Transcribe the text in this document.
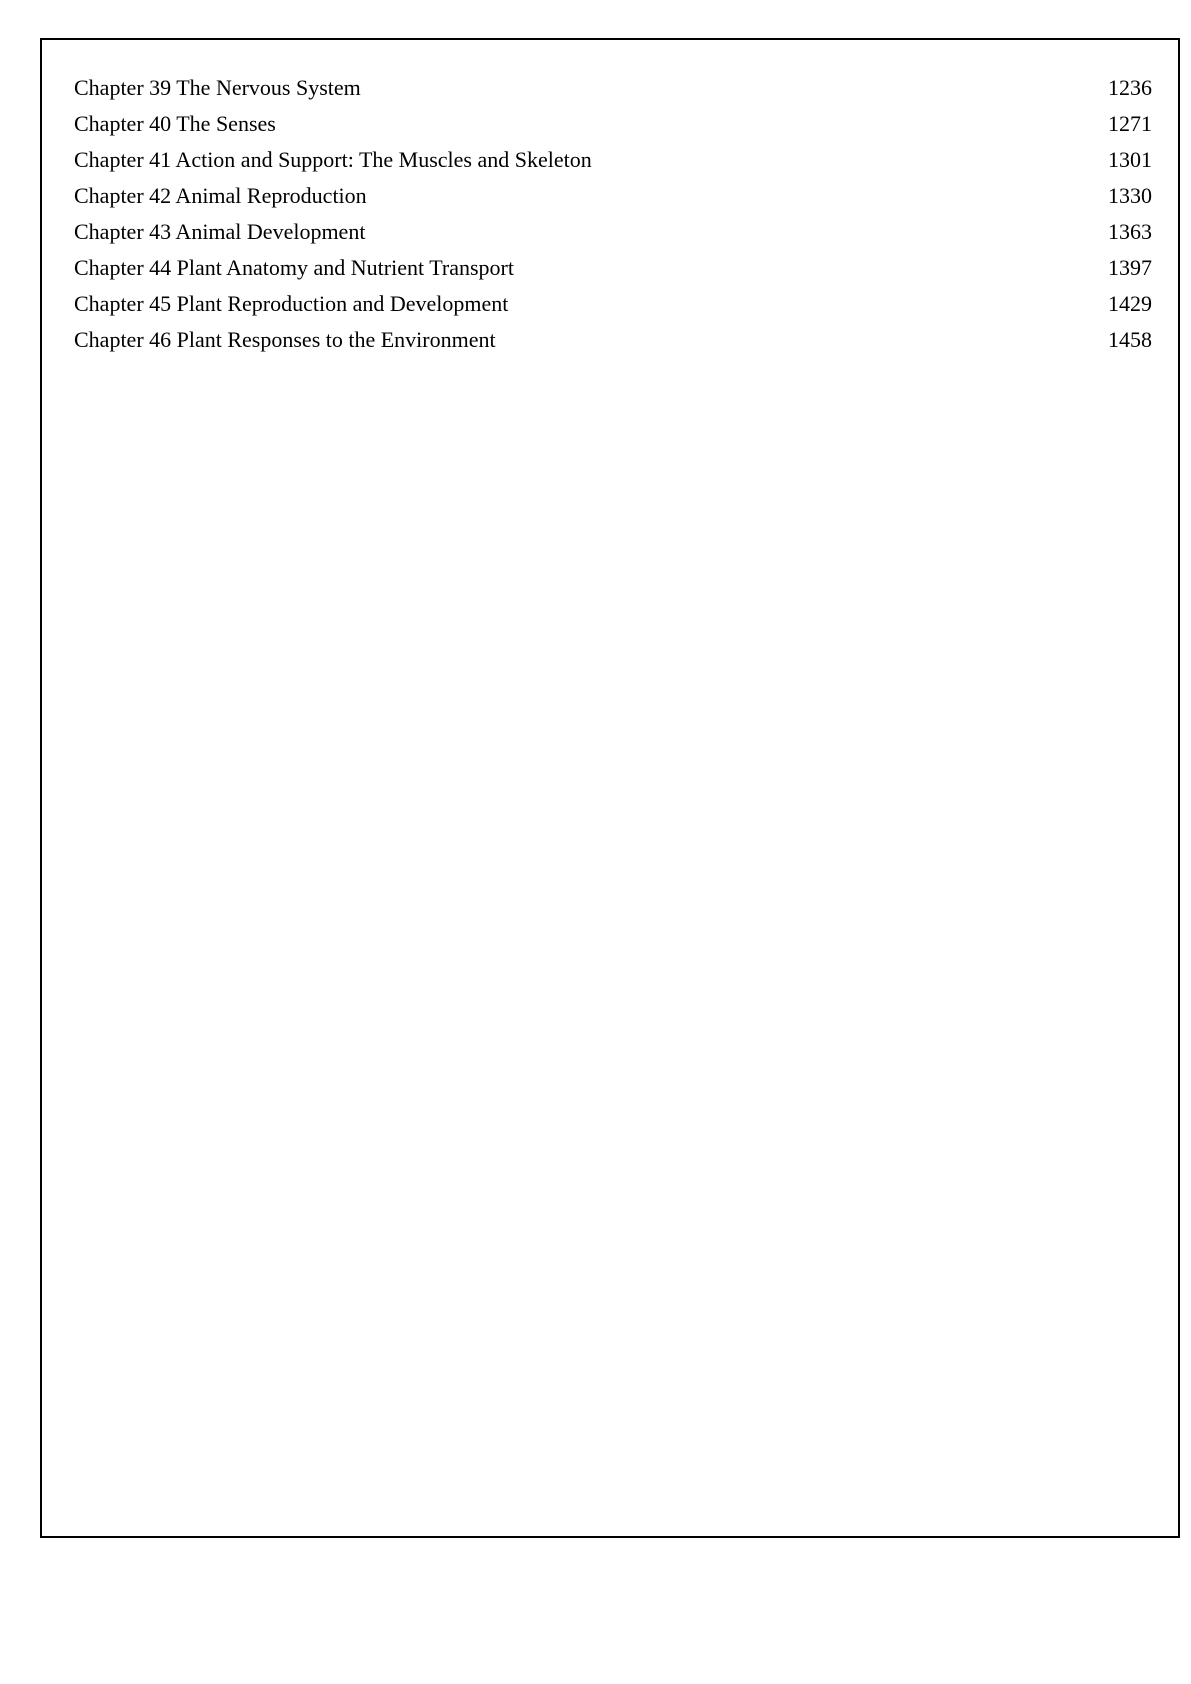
Chapter 39 The Nervous System	1236
Chapter 40 The Senses	1271
Chapter 41 Action and Support: The Muscles and Skeleton	1301
Chapter 42 Animal Reproduction	1330
Chapter 43 Animal Development	1363
Chapter 44 Plant Anatomy and Nutrient Transport	1397
Chapter 45 Plant Reproduction and Development	1429
Chapter 46 Plant Responses to the Environment	1458
